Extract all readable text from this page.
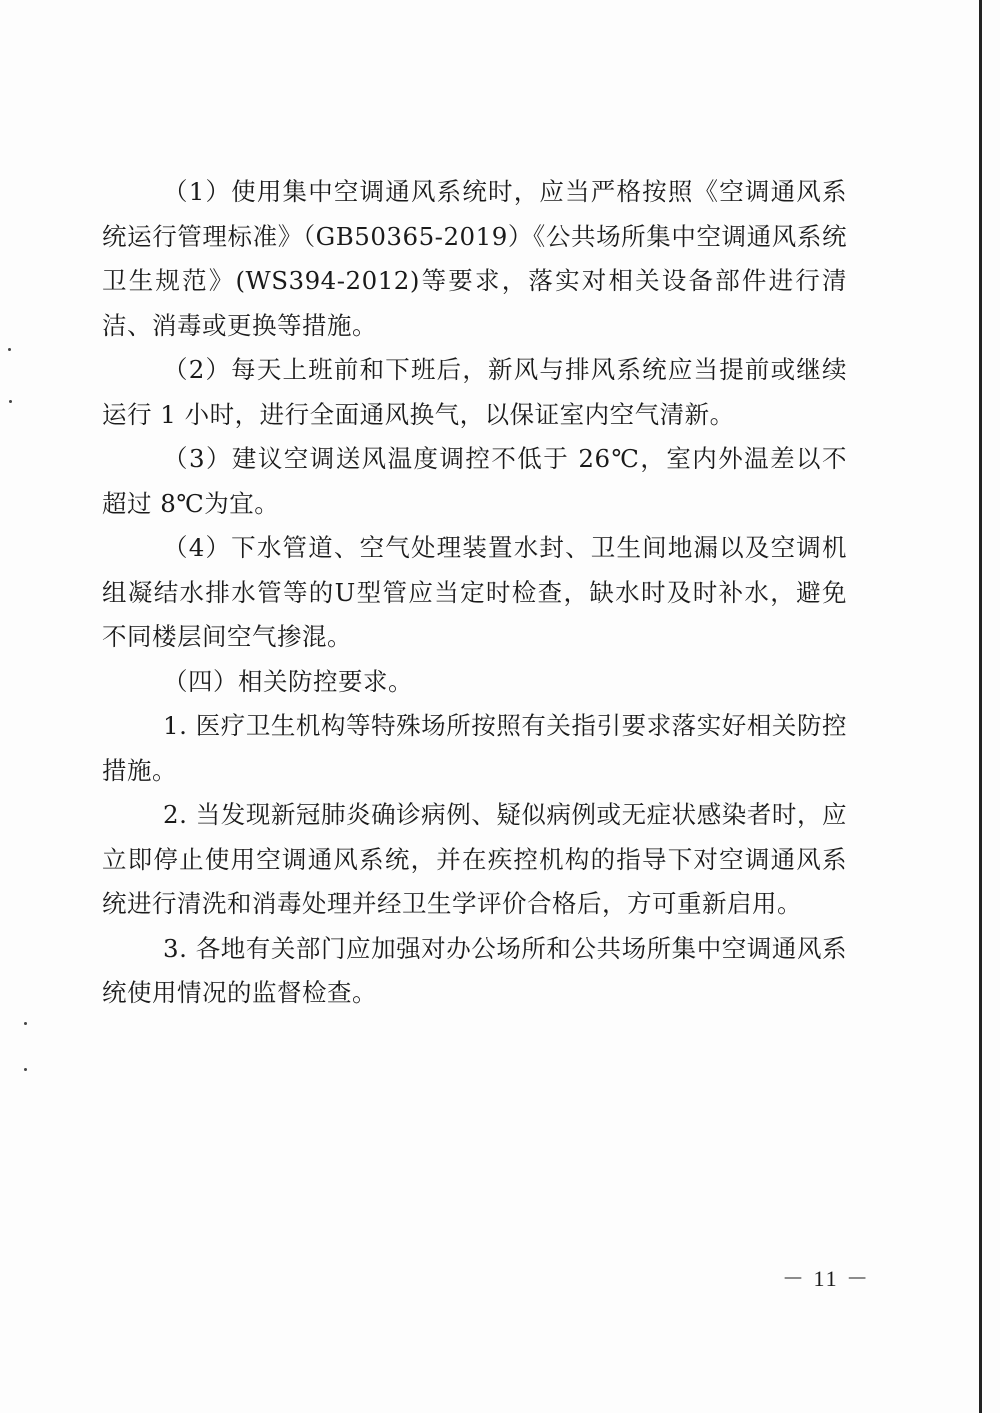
（1）使用集中空调通风系统时，应当严格按照《空调通风系统运行管理标准》（GB50365-2019）《公共场所集中空调通风系统卫生规范》(WS394-2012)等要求，落实对相关设备部件进行清洁、消毒或更换等措施。

（2）每天上班前和下班后，新风与排风系统应当提前或继续运行 1 小时，进行全面通风换气，以保证室内空气清新。

（3）建议空调送风温度调控不低于 26℃，室内外温差以不超过 8℃为宜。

（4）下水管道、空气处理装置水封、卫生间地漏以及空调机组凝结水排水管等的U型管应当定时检查，缺水时及时补水，避免不同楼层间空气掺混。

（四）相关防控要求。

1. 医疗卫生机构等特殊场所按照有关指引要求落实好相关防控措施。

2. 当发现新冠肺炎确诊病例、疑似病例或无症状感染者时，应立即停止使用空调通风系统，并在疾控机构的指导下对空调通风系统进行清洗和消毒处理并经卫生学评价合格后，方可重新启用。

3. 各地有关部门应加强对办公场所和公共场所集中空调通风系统使用情况的监督检查。

－ 11 －
